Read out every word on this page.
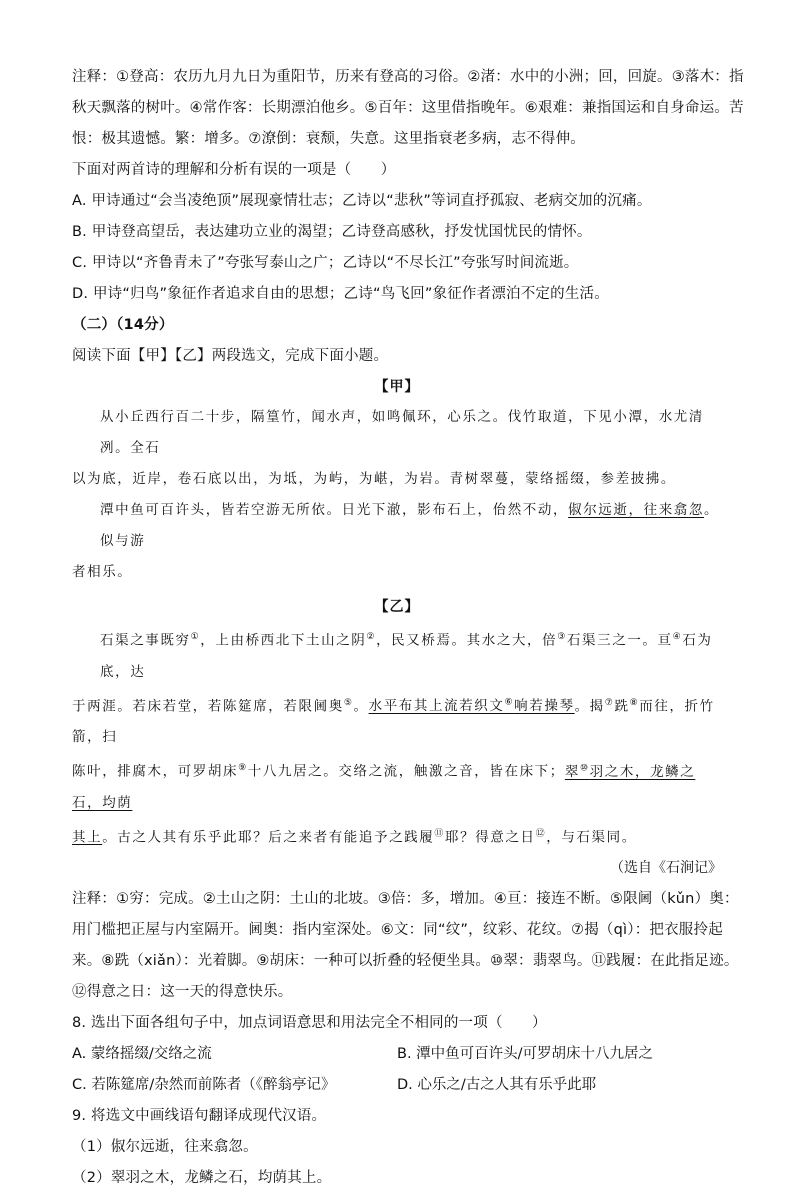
注释：①登高：农历九月九日为重阳节，历来有登高的习俗。②渚：水中的小洲；回，回旋。③落木：指
秋天飘落的树叶。④常作客：长期漂泊他乡。⑤百年：这里借指晚年。⑥艰难：兼指国运和自身命运。苦
恨：极其遗憾。繁：增多。⑦潦倒：衰颓，失意。这里指衰老多病，志不得伸。
下面对两首诗的理解和分析有误的一项是（　　）
A. 甲诗通过“会当凌绝顶”展现豪情壮志；乙诗以“悲秋”等词直抒孤寂、老病交加的沉痛。
B. 甲诗登高望岳，表达建功立业的渴望；乙诗登高感秋，抒发忧国忧民的情怀。
C. 甲诗以“齐鲁青未了”夸张写泰山之广；乙诗以“不尽长江”夸张写时间流逝。
D. 甲诗“归鸟”象征作者追求自由的思想；乙诗“鸟飞回”象征作者漂泊不定的生活。
（二）（14分）
阅读下面【甲】【乙】两段选文，完成下面小题。
【甲】
从小丘西行百二十步，隔篁竹，闻水声，如鸣佩环，心乐之。伐竹取道，下见小潭，水尤清冽。全石
以为底，近岸，卷石底以出，为坻，为屿，为嵁，为岩。青树翠蔓，蒙络摇缀，参差披拂。
潭中鱼可百许头，皆若空游无所依。日光下澈，影布石上，佁然不动，俶尔远逝，往来翕忽。似与游
者相乐。
【乙】
石渠之事既穷①，上由桥西北下土山之阴②，民又桥焉。其水之大，倍③石渠三之一。亘④石为底，达
于两涯。若床若堂，若陈筵席，若限阃奥⑤。水平布其上流若织文⑥响若操琴。揭⑦跣⑧而往，折竹箭，扫
陈叶，排腐木，可罗胡床⑨十八九居之。交络之流，触激之音，皆在床下；翠⑩羽之木，龙鳞之石，均荫
其上。古之人其有乐乎此耶？后之来者有能追予之践履⑪耶？得意之日⑫，与石渠同。
（选自《石涧记》
注释：①穷：完成。②土山之阴：土山的北坡。③倍：多，增加。④亘：接连不断。⑤限阃（kǔn）奥：
用门槛把正屋与内室隔开。阃奥：指内室深处。⑥文：同“纹”，纹彩、花纹。⑦揭（qì）：把衣服拎起
来。⑧跣（xiǎn）：光着脚。⑨胡床：一种可以折叠的轻便坐具。⑩翠：翡翠鸟。⑪践履：在此指足迹。
⑫得意之日：这一天的得意快乐。
8. 选出下面各组句子中，加点词语意思和用法完全不相同的一项（　　）
A. 蒙络摇缀/交络之流	B. 潭中鱼可百许头/可罗胡床十八九居之
C. 若陈筵席/杂然而前陈者（《醉翁亭记》	D. 心乐之/古之人其有乐乎此耶
9. 将选文中画线语句翻译成现代汉语。
（1）俶尔远逝，往来翕忽。
（2）翠羽之木，龙鳞之石，均荫其上。
